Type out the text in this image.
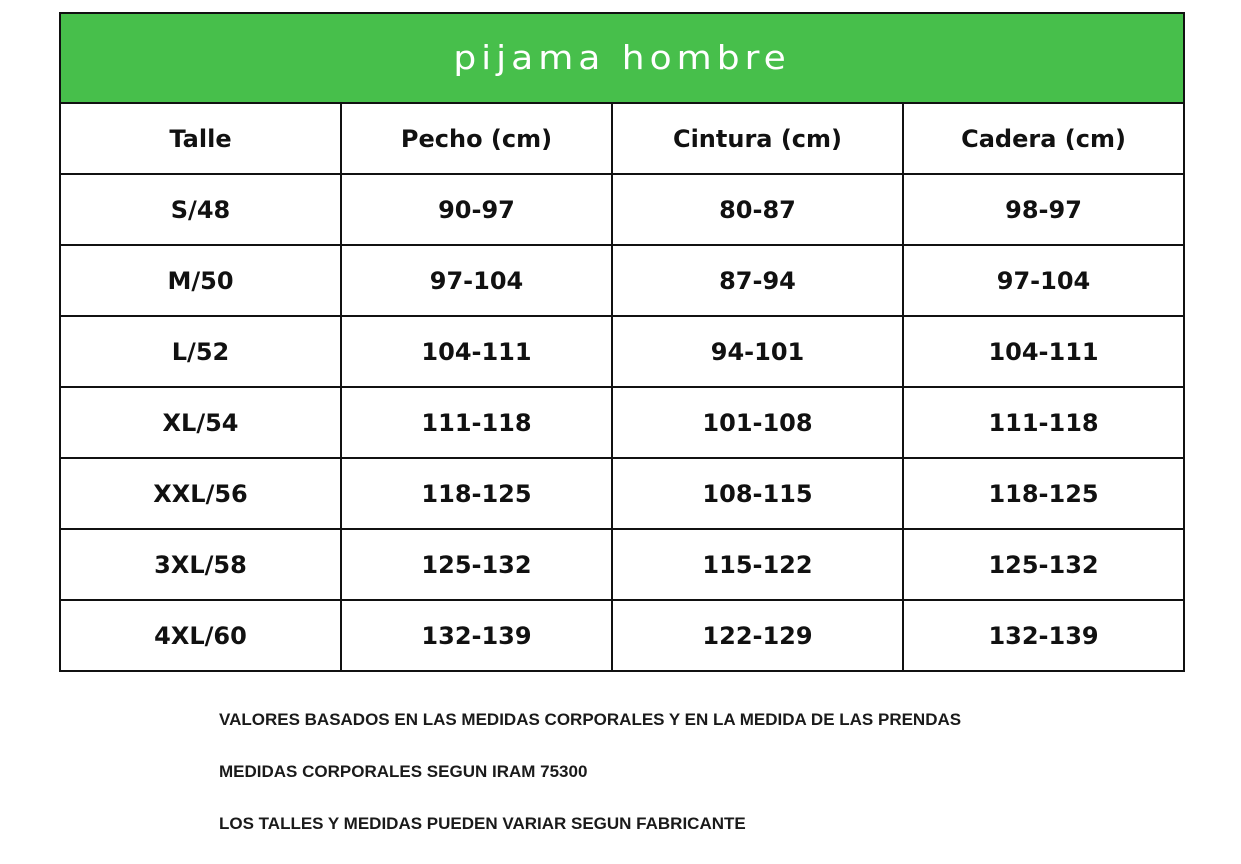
pijama hombre			
Talle	Pecho (cm)	Cintura (cm)	Cadera (cm)
S/48	90-97	80-87	98-97
M/50	97-104	87-94	97-104
L/52	104-111	94-101	104-111
XL/54	111-118	101-108	111-118
XXL/56	118-125	108-115	118-125
3XL/58	125-132	115-122	125-132
4XL/60	132-139	122-129	132-139
VALORES BASADOS EN LAS MEDIDAS CORPORALES Y EN LA MEDIDA DE LAS PRENDAS
MEDIDAS CORPORALES SEGUN IRAM 75300
LOS TALLES Y MEDIDAS PUEDEN VARIAR SEGUN FABRICANTE
